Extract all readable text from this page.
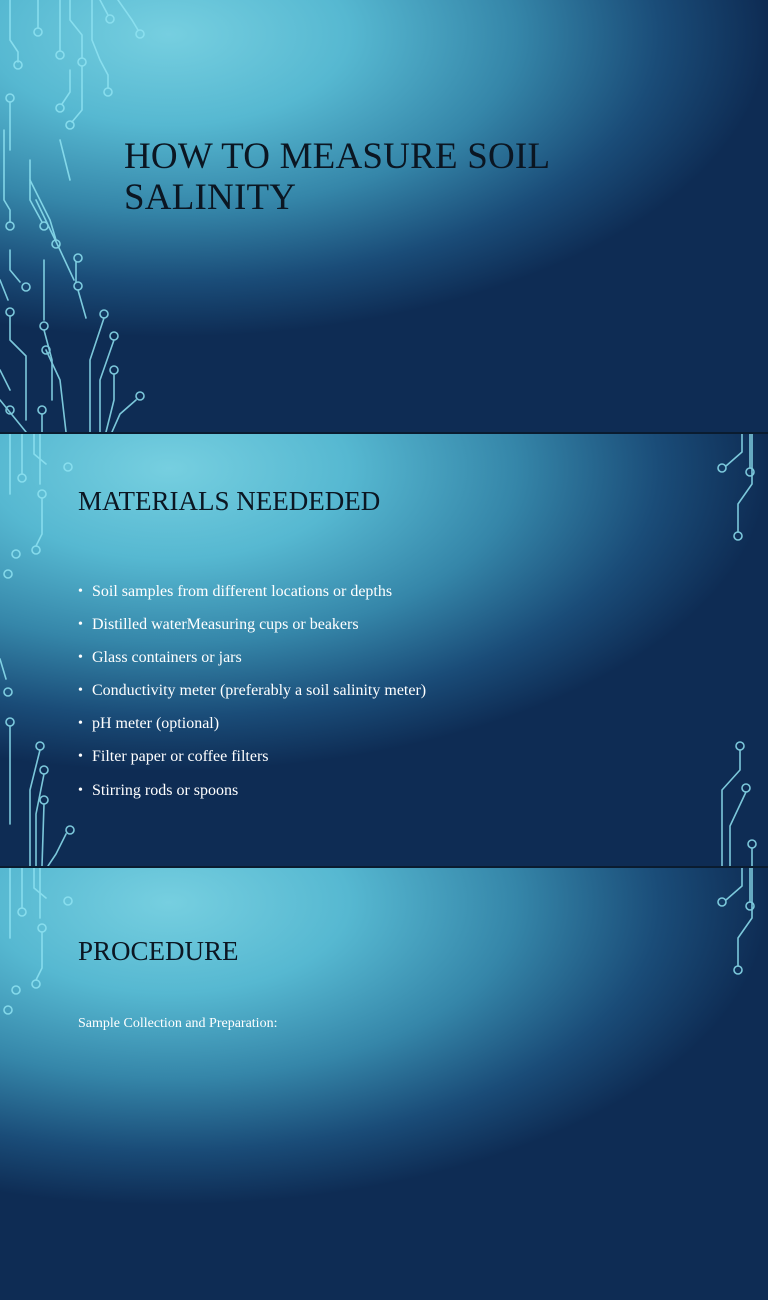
HOW TO MEASURE SOIL SALINITY
MATERIALS NEEDEDED
• Soil samples from different locations or depths
• Distilled waterMeasuring cups or beakers
• Glass containers or jars
• Conductivity meter (preferably a soil salinity meter)
• pH meter (optional)
• Filter paper or coffee filters
• Stirring rods or spoons
PROCEDURE

Sample Collection and Preparation:
